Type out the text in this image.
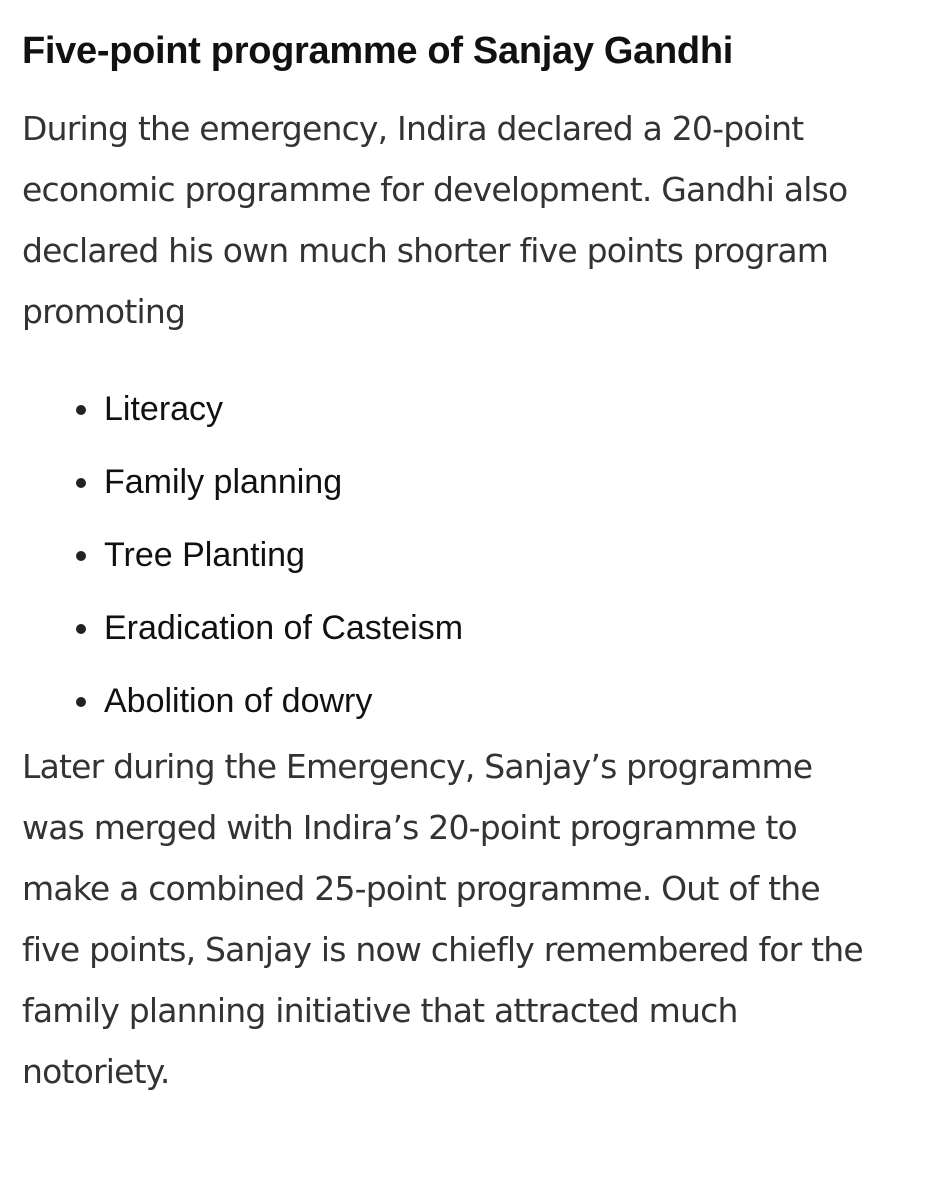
Five-point programme of Sanjay Gandhi

During the emergency, Indira declared a 20-point
economic programme for development. Gandhi also
declared his own much shorter five points program
promoting

Literacy
Family planning
Tree Planting
Eradication of Casteism
Abolition of dowry

Later during the Emergency, Sanjay’s programme
was merged with Indira’s 20-point programme to
make a combined 25-point programme. Out of the
five points, Sanjay is now chiefly remembered for the
family planning initiative that attracted much
notoriety.
